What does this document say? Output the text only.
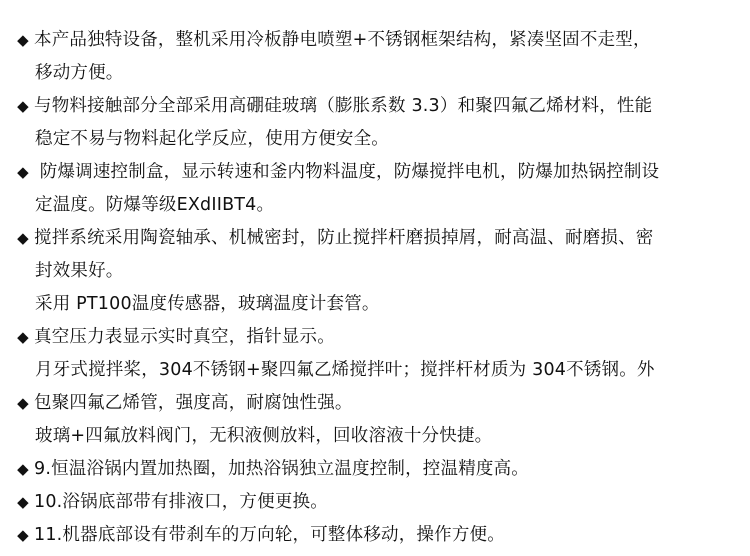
◆ 本产品独特设备，整机采用冷板静电喷塑+不锈钢框架结构，紧凑坚固不走型，
移动方便。
◆ 与物料接触部分全部采用高硼硅玻璃（膨胀系数 3.3）和聚四氟乙烯材料，性能
稳定不易与物料起化学反应，使用方便安全。
◆ 防爆调速控制盒，显示转速和釜内物料温度，防爆搅拌电机，防爆加热锅控制设
定温度。防爆等级EXdIIBT4。
◆ 搅拌系统采用陶瓷轴承、机械密封，防止搅拌杆磨损掉屑，耐高温、耐磨损、密
封效果好。
采用 PT100温度传感器，玻璃温度计套管。
◆ 真空压力表显示实时真空，指针显示。
月牙式搅拌桨，304不锈钢+聚四氟乙烯搅拌叶；搅拌杆材质为 304不锈钢。外
◆ 包聚四氟乙烯管，强度高，耐腐蚀性强。
玻璃+四氟放料阀门，无积液侧放料，回收溶液十分快捷。
◆ 9.恒温浴锅内置加热圈，加热浴锅独立温度控制，控温精度高。
◆ 10.浴锅底部带有排液口，方便更换。
◆ 11.机器底部设有带刹车的万向轮，可整体移动，操作方便。
